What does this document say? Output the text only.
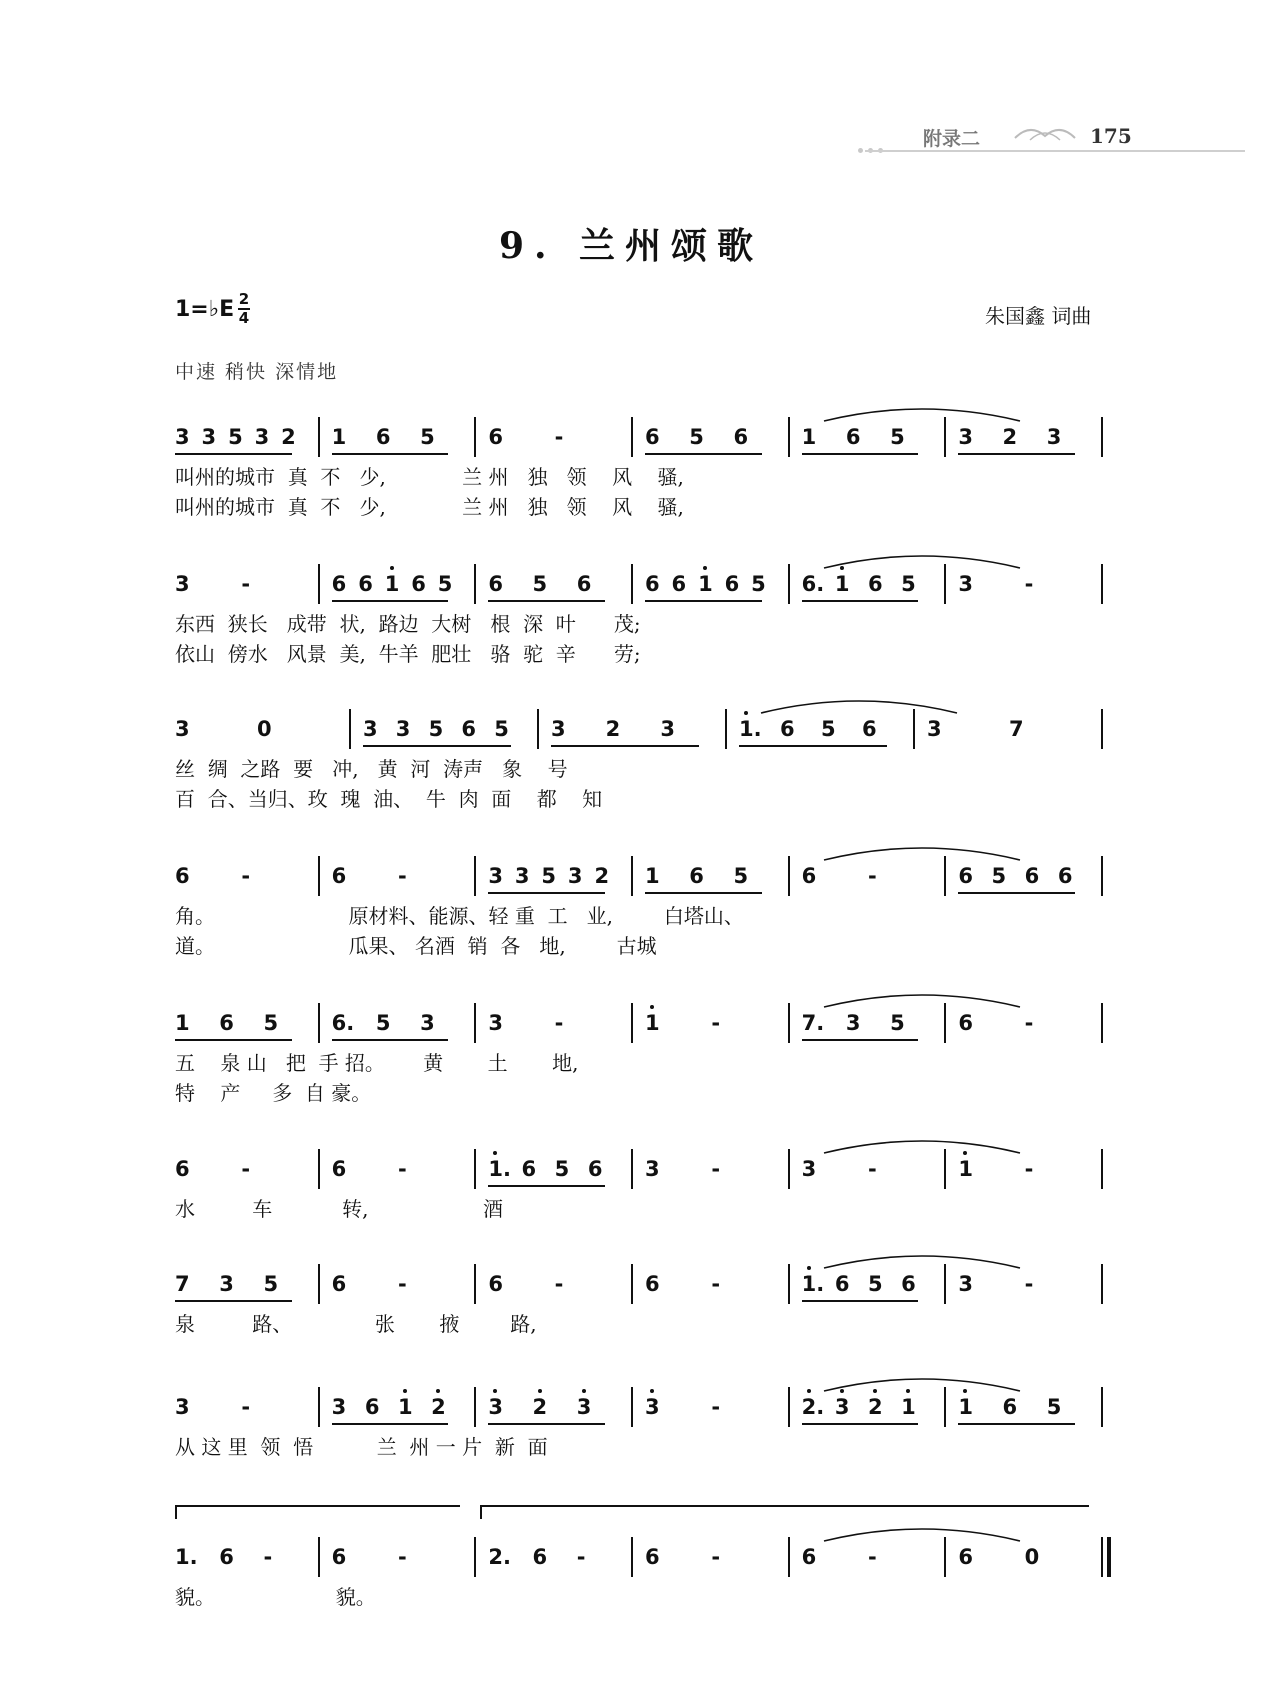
附录二	175
9. 兰州颂歌
1=♭E 2
4	朱国鑫 词曲
中速 稍快 深情地
3 3 5 3 2 1 6 5	6 -	6 5 6	1 6 5	3 2 3
叫州的城市  真  不   少,            兰 州   独   领    风    骚,
叫州的城市  真  不   少,            兰 州   独   领    风    骚,
3 -	6 6 1 6 5 6 5 6	6 6 1 6 5 6. 1 6 5 3 -
东西  狭长   成带  状,  路边  大树   根  深  叶      茂;
依山  傍水   风景  美,  牛羊  肥壮   骆  驼  辛      劳;
3	0	3 3 5 6 5 3 2 3	1. 6 5 6 3	7
丝  绸  之路  要   冲,   黄  河  涛声   象    号
百  合、当归、玫  瑰  油、  牛  肉  面    都    知
6 -	6 -	3 3 5 3 2 1 6 5	6 -	6 5 6 6
角。                     原材料、能源、轻 重  工   业,        白塔山、
道。                     瓜果、 名酒  销  各   地,        古城
1 6 5	6. 5 3	3 -	1 -	7. 3 5	6 -
五    泉 山   把  手 招。      黄       土       地,
特    产     多  自 豪。
6 -	6 -	1. 6 5 6 3 -	3 -	1 -
水         车           转,                  酒
7 3 5	6 -	6 -	6 -	1. 6 5 6 3 -
泉         路、             张       掖        路,
3 -	3 6 1 2 3 2 3	3 -	2. 3 2 1 1 6 5
从 这 里  领  悟          兰  州 一 片  新  面
1. 6 -	6 -	2. 6 -	6 -	6 -	6 0
貌。                   貌。
